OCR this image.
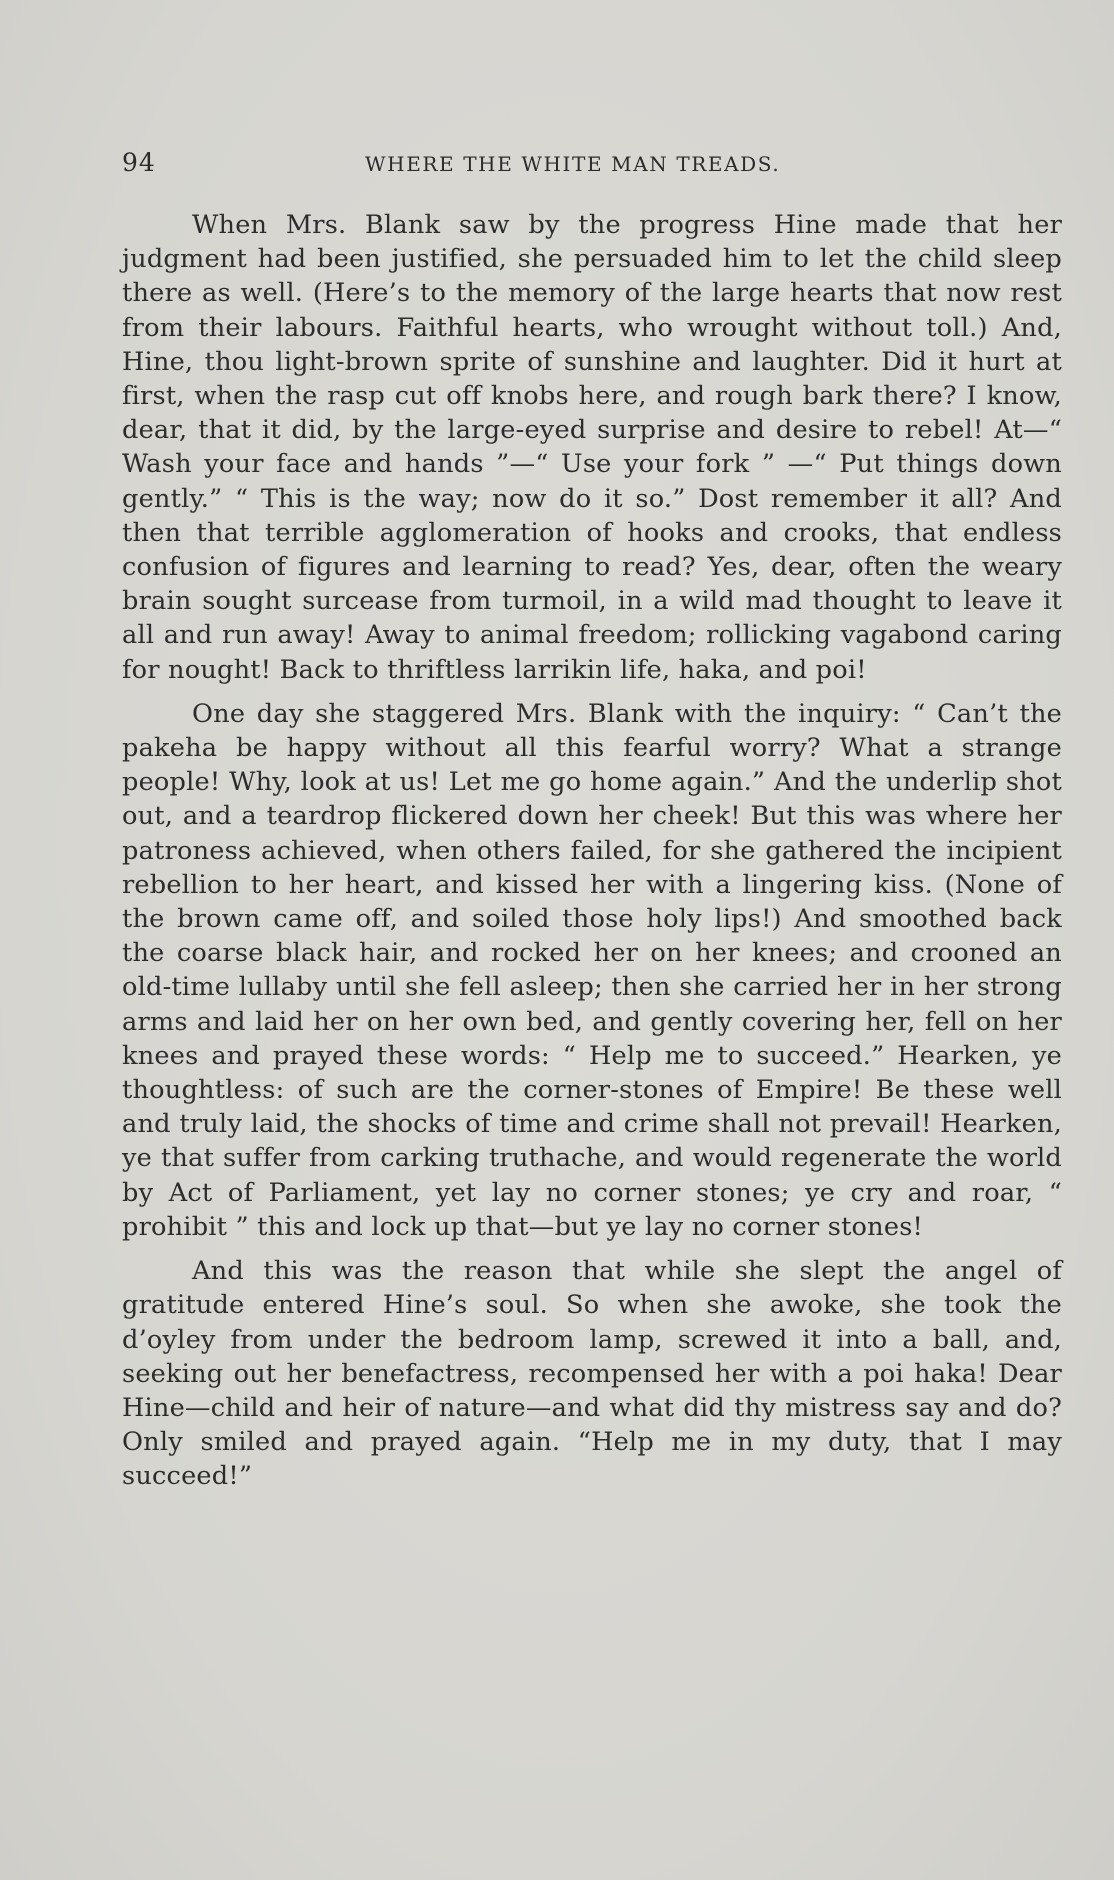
94	WHERE THE WHITE MAN TREADS.

When Mrs. Blank saw by the progress Hine made that her judgment had been justified, she persuaded him to let the child sleep there as well. (Here’s to the memory of the large hearts that now rest from their labours. Faithful hearts, who wrought without toll.) And, Hine, thou light-brown sprite of sunshine and laughter. Did it hurt at first, when the rasp cut off knobs here, and rough bark there? I know, dear, that it did, by the large-eyed surprise and desire to rebel! At—“ Wash your face and hands ”—“ Use your fork ” —“ Put things down gently.” “ This is the way; now do it so.” Dost remember it all? And then that terrible agglomeration of hooks and crooks, that endless confusion of figures and learning to read? Yes, dear, often the weary brain sought surcease from turmoil, in a wild mad thought to leave it all and run away! Away to animal freedom; rollicking vagabond caring for nought! Back to thriftless larrikin life, haka, and poi!

One day she staggered Mrs. Blank with the inquiry: “ Can’t the pakeha be happy without all this fearful worry? What a strange people! Why, look at us! Let me go home again.” And the underlip shot out, and a teardrop flickered down her cheek! But this was where her patroness achieved, when others failed, for she gathered the incipient rebellion to her heart, and kissed her with a lingering kiss. (None of the brown came off, and soiled those holy lips!) And smoothed back the coarse black hair, and rocked her on her knees; and crooned an old-time lullaby until she fell asleep; then she carried her in her strong arms and laid her on her own bed, and gently covering her, fell on her knees and prayed these words: “ Help me to succeed.” Hearken, ye thoughtless: of such are the corner-stones of Empire! Be these well and truly laid, the shocks of time and crime shall not prevail! Hearken, ye that suffer from carking truthache, and would regenerate the world by Act of Parliament, yet lay no corner stones; ye cry and roar, “ prohibit ” this and lock up that—but ye lay no corner stones!

And this was the reason that while she slept the angel of gratitude entered Hine’s soul. So when she awoke, she took the d’oyley from under the bedroom lamp, screwed it into a ball, and, seeking out her benefactress, recompensed her with a poi haka! Dear Hine—child and heir of nature—and what did thy mistress say and do? Only smiled and prayed again. “Help me in my duty, that I may succeed!”
